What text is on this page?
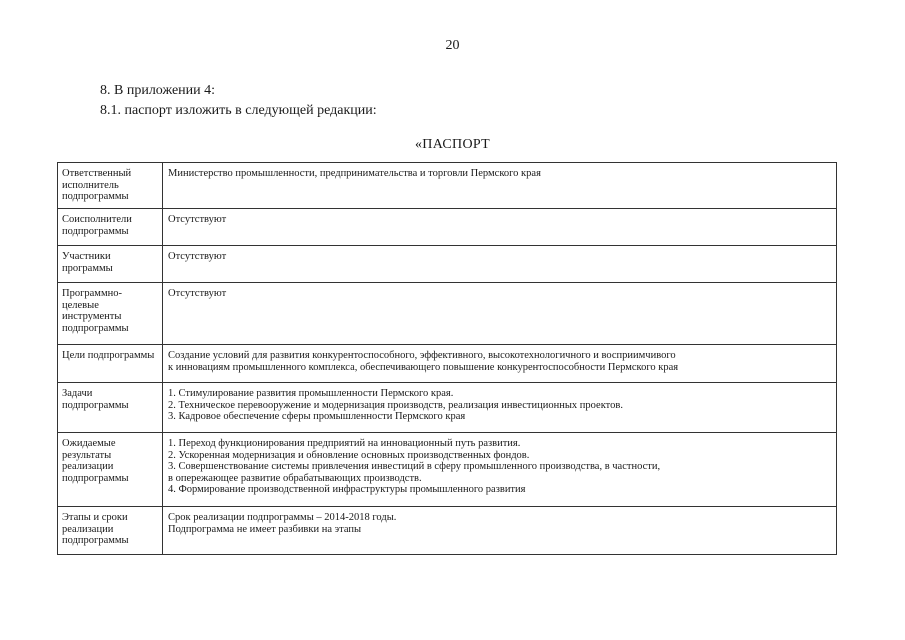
20
8. В приложении 4:
8.1. паспорт изложить в следующей редакции:
«ПАСПОРТ
Ответственный исполнитель подпрограммы	Министерство промышленности, предпринимательства и торговли Пермского края

Соисполнители подпрограммы	Отсутствуют

Участники программы	Отсутствуют

Программно-целевые инструменты подпрограммы	Отсутствуют

Цели подпрограммы	Создание условий для развития конкурентоспособного, эффективного, высокотехнологичного и восприимчивого
к инновациям промышленного комплекса, обеспечивающего повышение конкурентоспособности Пермского края

Задачи подпрограммы	1. Стимулирование развития промышленности Пермского края.
2. Техническое перевооружение и модернизация производств, реализация инвестиционных проектов.
3. Кадровое обеспечение сферы промышленности Пермского края

Ожидаемые результаты реализации подпрограммы	1. Переход функционирования предприятий на инновационный путь развития.
2. Ускоренная модернизация и обновление основных производственных фондов.
3. Совершенствование системы привлечения инвестиций в сферу промышленного производства, в частности,
в опережающее развитие обрабатывающих производств.
4. Формирование производственной инфраструктуры промышленного развития

Этапы и сроки реализации подпрограммы	Срок реализации подпрограммы – 2014-2018 годы.
Подпрограмма не имеет разбивки на этапы
